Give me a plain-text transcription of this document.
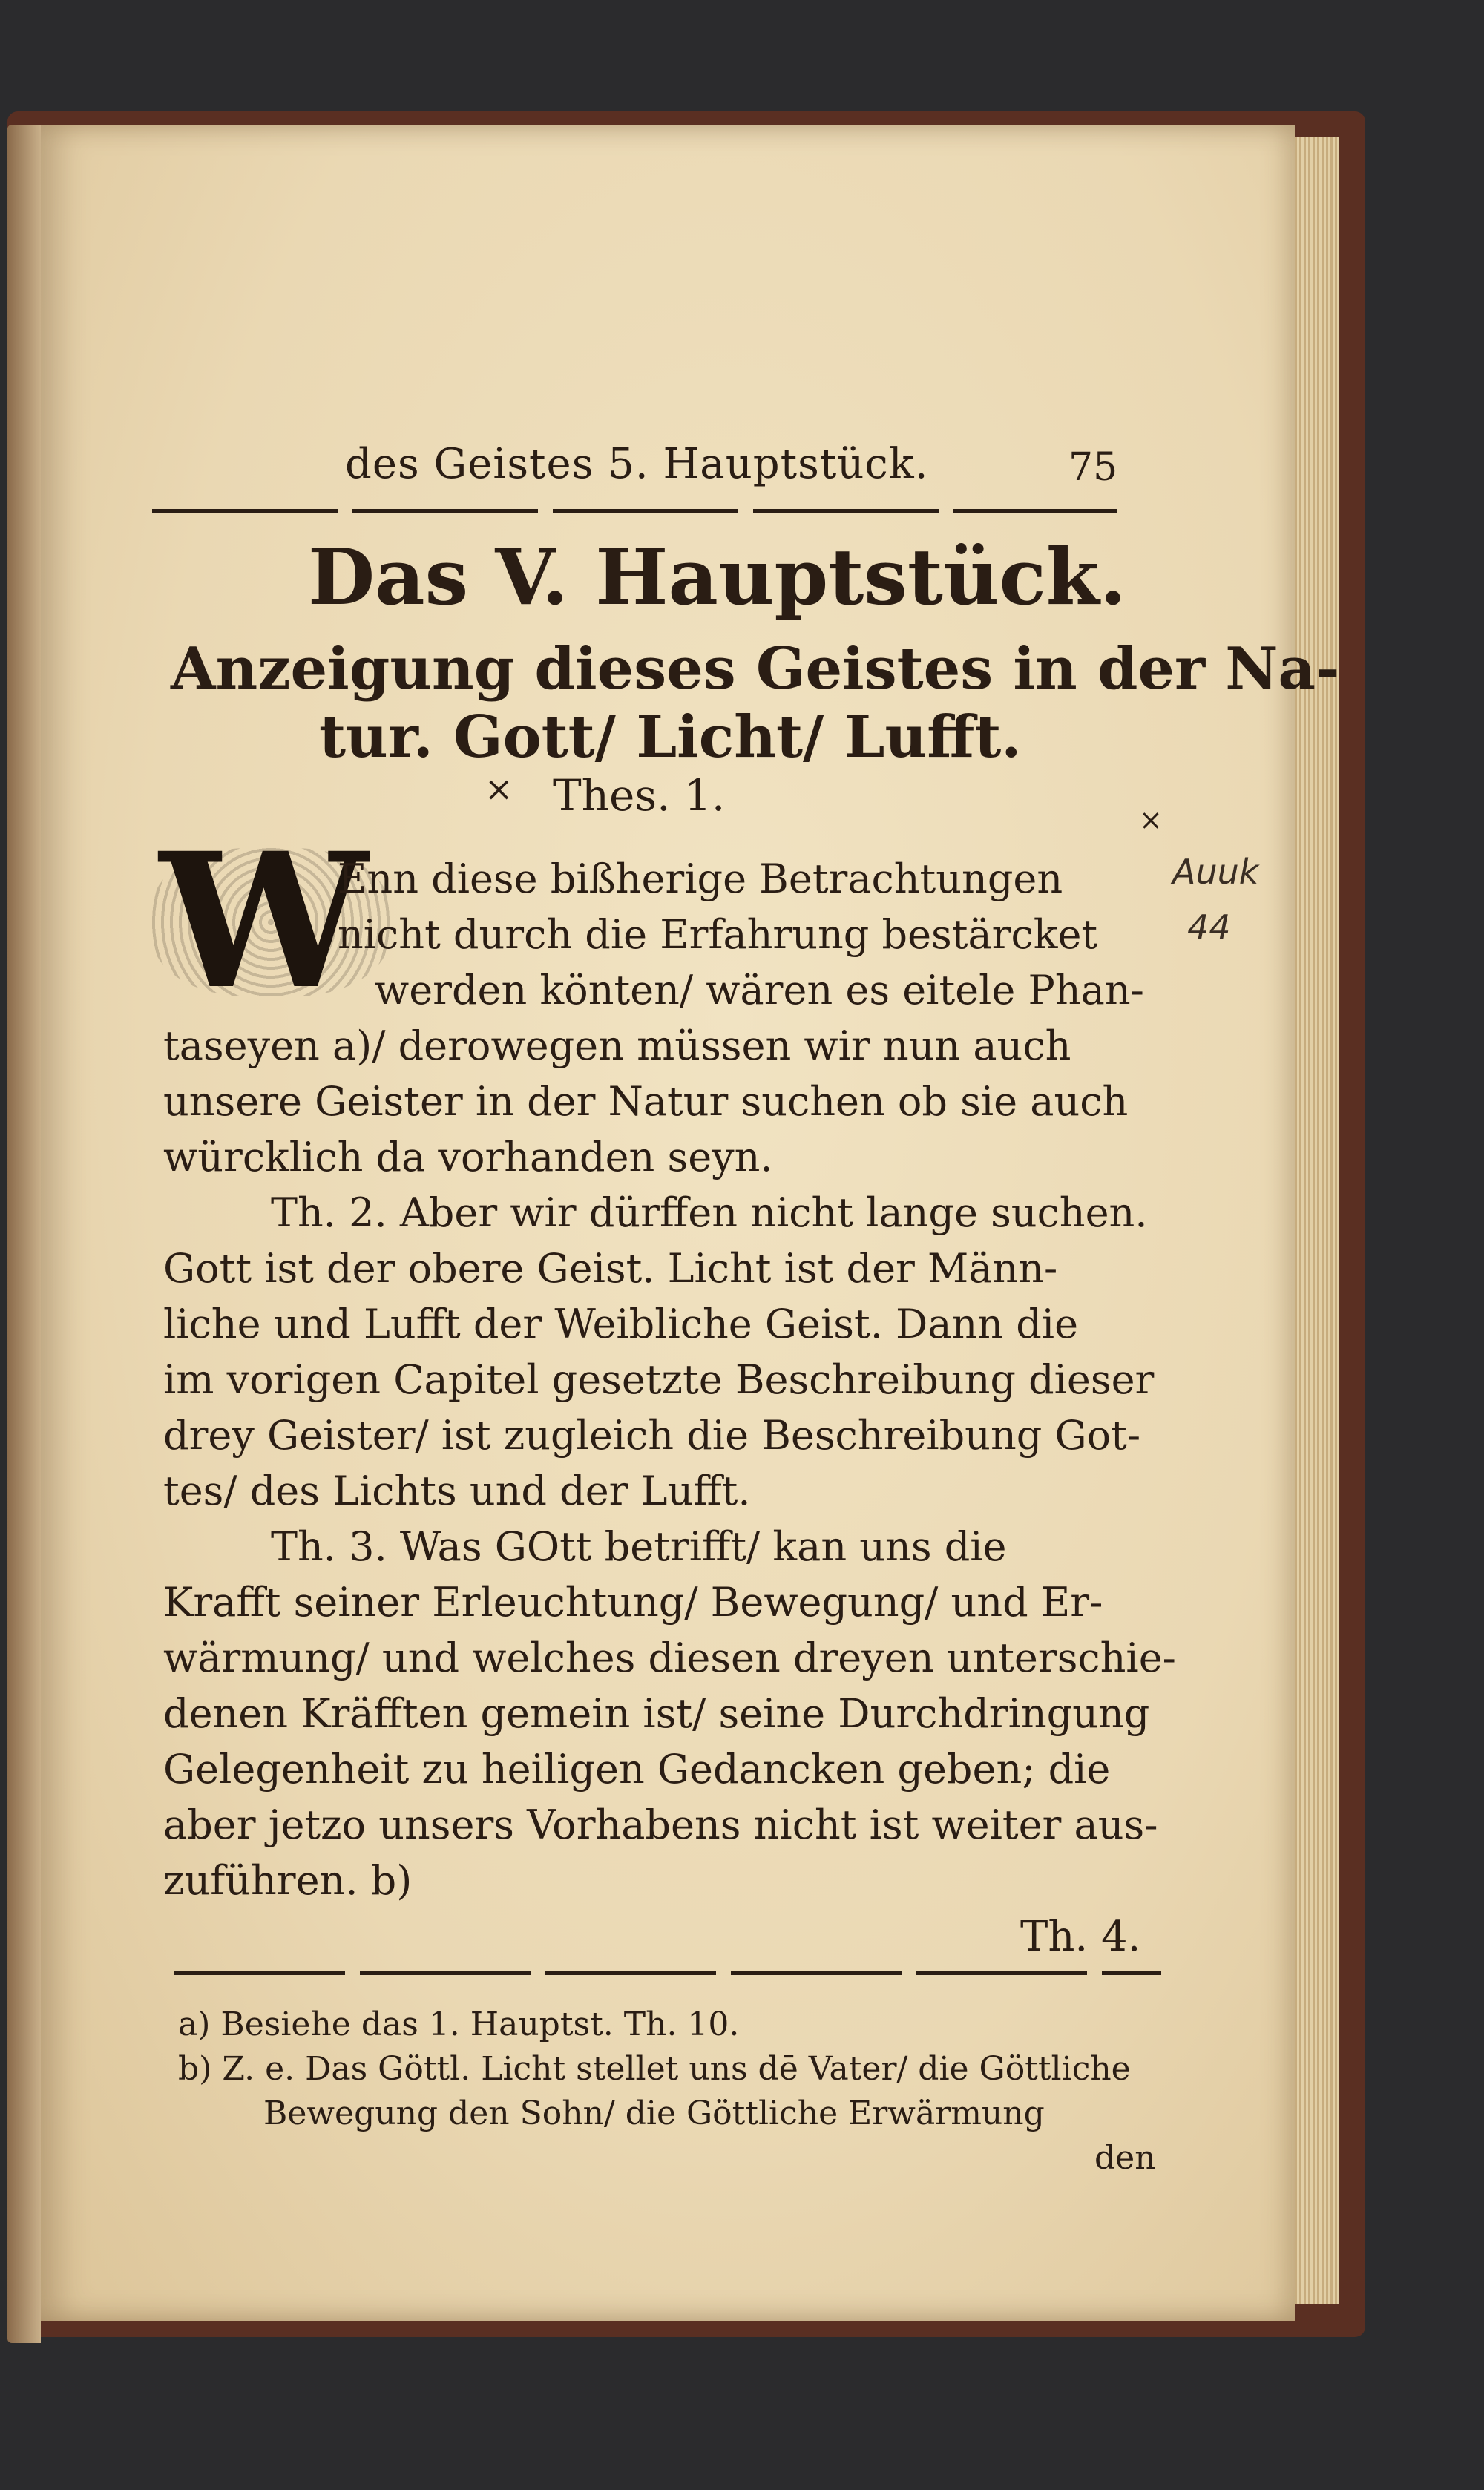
des Geistes 5. Hauptstück.	75
Das V. Hauptstück.
Anzeigung dieses Geistes in der Na-
tur. Gott/ Licht/ Lufft.
× Thes. 1.	×
W
Enn diese bißherige Betrachtungen
nicht durch die Erfahrung bestärcket
werden könten/ wären es eitele Phan-
taseyen a)/ derowegen müssen wir nun auch
unsere Geister in der Natur suchen ob sie auch
würcklich da vorhanden seyn.
Th. 2. Aber wir dürffen nicht lange suchen.
Gott ist der obere Geist. Licht ist der Männ-
liche und Lufft der Weibliche Geist. Dann die
im vorigen Capitel gesetzte Beschreibung dieser
drey Geister/ ist zugleich die Beschreibung Got-
tes/ des Lichts und der Lufft.
Th. 3. Was GOtt betrifft/ kan uns die
Krafft seiner Erleuchtung/ Bewegung/ und Er-
wärmung/ und welches diesen dreyen unterschie-
denen Kräfften gemein ist/ seine Durchdringung
Gelegenheit zu heiligen Gedancken geben; die
aber jetzo unsers Vorhabens nicht ist weiter aus-
zuführen. b)
Th. 4.
a) Besiehe das 1. Hauptst. Th. 10.
b) Z. e. Das Göttl. Licht stellet uns dē Vater/ die Göttliche
Bewegung den Sohn/ die Göttliche Erwärmung
den
Auuk
44
